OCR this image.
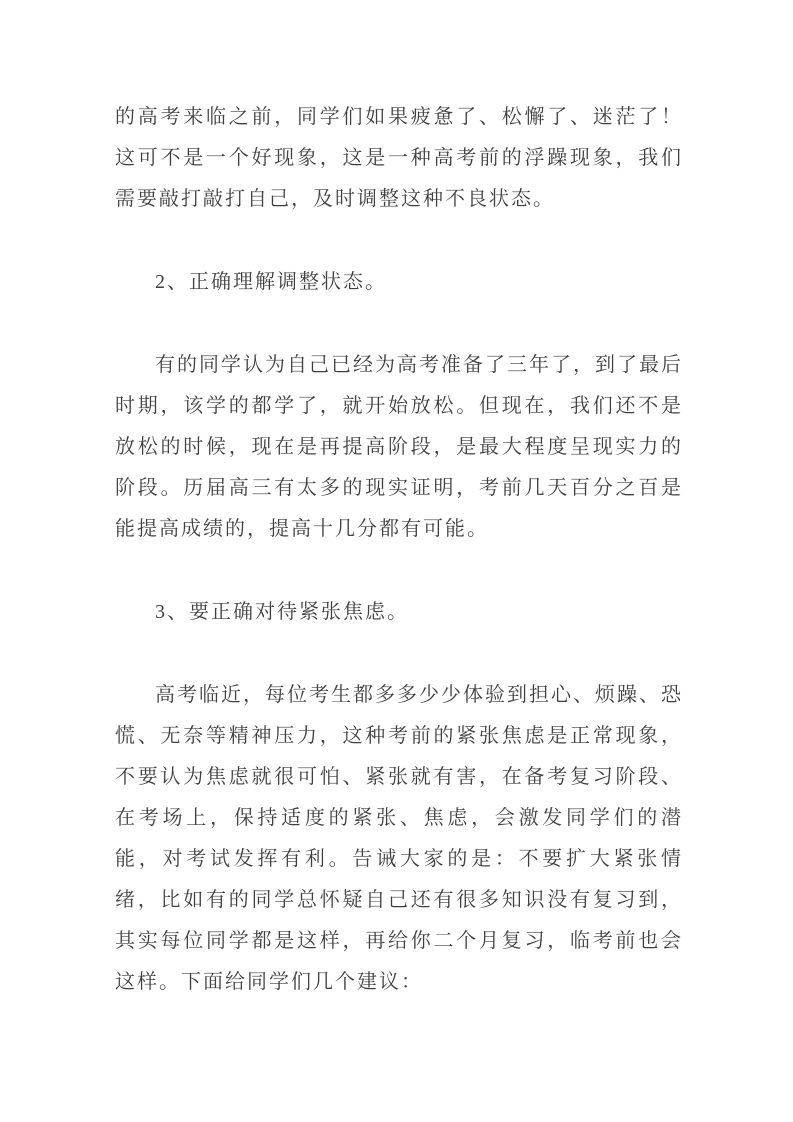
的高考来临之前，同学们如果疲惫了、松懈了、迷茫了！这可不是一个好现象，这是一种高考前的浮躁现象，我们需要敲打敲打自己，及时调整这种不良状态。

2、正确理解调整状态。

有的同学认为自己已经为高考准备了三年了，到了最后时期，该学的都学了，就开始放松。但现在，我们还不是放松的时候，现在是再提高阶段，是最大程度呈现实力的阶段。历届高三有太多的现实证明，考前几天百分之百是能提高成绩的，提高十几分都有可能。

3、要正确对待紧张焦虑。

高考临近，每位考生都多多少少体验到担心、烦躁、恐慌、无奈等精神压力，这种考前的紧张焦虑是正常现象，不要认为焦虑就很可怕、紧张就有害，在备考复习阶段、在考场上，保持适度的紧张、焦虑，会激发同学们的潜能，对考试发挥有利。告诫大家的是：不要扩大紧张情绪，比如有的同学总怀疑自己还有很多知识没有复习到，其实每位同学都是这样，再给你二个月复习，临考前也会这样。下面给同学们几个建议：
